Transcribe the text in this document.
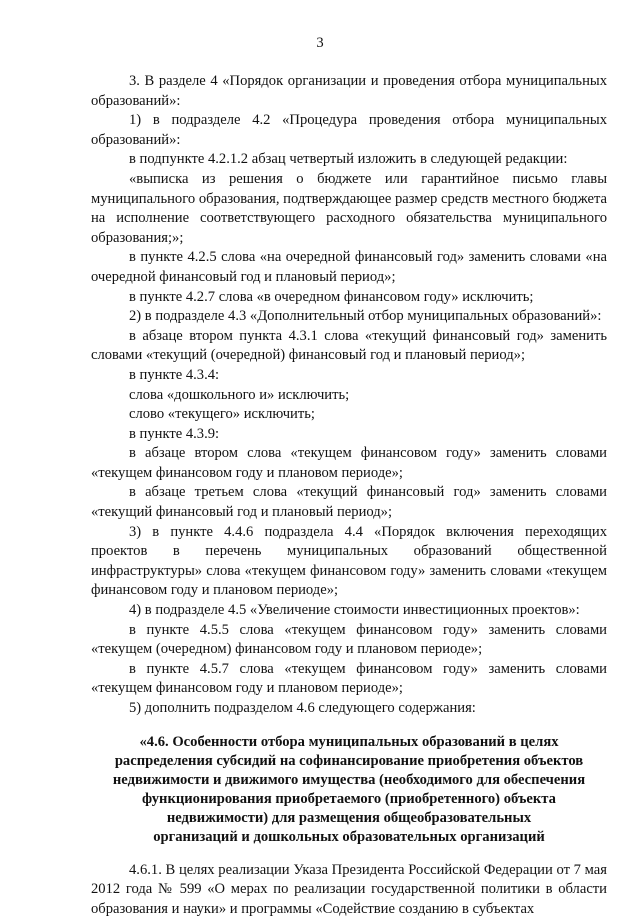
3

3. В разделе 4 «Порядок организации и проведения отбора муниципальных образований»:

1) в подразделе 4.2 «Процедура проведения отбора муниципальных образований»:

в подпункте 4.2.1.2 абзац четвертый изложить в следующей редакции:

«выписка из решения о бюджете или гарантийное письмо главы муниципального образования, подтверждающее размер средств местного бюджета на исполнение соответствующего расходного обязательства муниципального образования;»;

в пункте 4.2.5 слова «на очередной финансовый год» заменить словами «на очередной финансовый год и плановый период»;

в пункте 4.2.7 слова «в очередном финансовом году» исключить;

2) в подразделе 4.3 «Дополнительный отбор муниципальных образований»:

в абзаце втором пункта 4.3.1 слова «текущий финансовый год» заменить словами «текущий (очередной) финансовый год и плановый период»;

в пункте 4.3.4:

слова «дошкольного и» исключить;

слово «текущего» исключить;

в пункте 4.3.9:

в абзаце втором слова «текущем финансовом году» заменить словами «текущем финансовом году и плановом периоде»;

в абзаце третьем слова «текущий финансовый год» заменить словами «текущий финансовый год и плановый период»;

3) в пункте 4.4.6 подраздела 4.4 «Порядок включения переходящих проектов в перечень муниципальных образований общественной инфраструктуры» слова «текущем финансовом году» заменить словами «текущем финансовом году и плановом периоде»;

4) в подразделе 4.5 «Увеличение стоимости инвестиционных проектов»:

в пункте 4.5.5 слова «текущем финансовом году» заменить словами «текущем (очередном) финансовом году и плановом периоде»;

в пункте 4.5.7 слова «текущем финансовом году» заменить словами «текущем финансовом году и плановом периоде»;

5) дополнить подразделом 4.6 следующего содержания:

«4.6. Особенности отбора муниципальных образований в целях
распределения субсидий на софинансирование приобретения объектов
недвижимости и движимого имущества (необходимого для обеспечения
функционирования приобретаемого (приобретенного) объекта
недвижимости) для размещения общеобразовательных
организаций и дошкольных образовательных организаций

4.6.1. В целях реализации Указа Президента Российской Федерации от 7 мая 2012 года № 599 «О мерах по реализации государственной политики в области образования и науки» и программы «Содействие созданию в субъектах
